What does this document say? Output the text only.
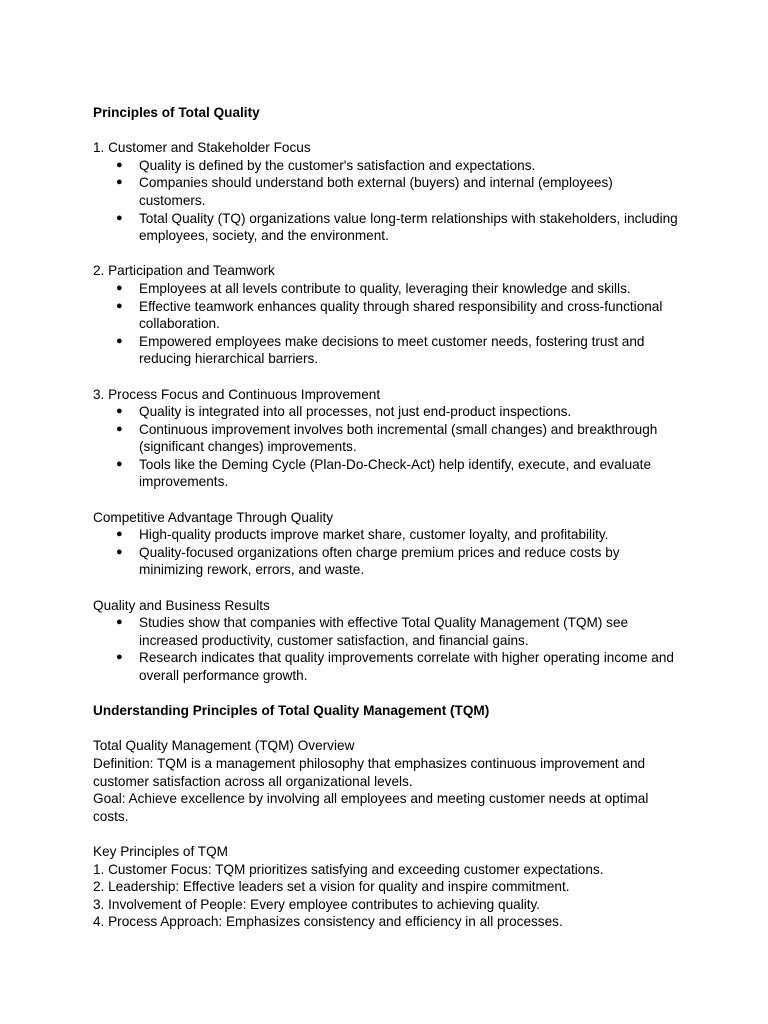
Principles of Total Quality
1. Customer and Stakeholder Focus
● Quality is defined by the customer's satisfaction and expectations.
● Companies should understand both external (buyers) and internal (employees) customers.
● Total Quality (TQ) organizations value long-term relationships with stakeholders, including employees, society, and the environment.
2. Participation and Teamwork
● Employees at all levels contribute to quality, leveraging their knowledge and skills.
● Effective teamwork enhances quality through shared responsibility and cross-functional collaboration.
● Empowered employees make decisions to meet customer needs, fostering trust and reducing hierarchical barriers.
3. Process Focus and Continuous Improvement
● Quality is integrated into all processes, not just end-product inspections.
● Continuous improvement involves both incremental (small changes) and breakthrough (significant changes) improvements.
● Tools like the Deming Cycle (Plan-Do-Check-Act) help identify, execute, and evaluate improvements.
Competitive Advantage Through Quality
● High-quality products improve market share, customer loyalty, and profitability.
● Quality-focused organizations often charge premium prices and reduce costs by minimizing rework, errors, and waste.
Quality and Business Results
● Studies show that companies with effective Total Quality Management (TQM) see increased productivity, customer satisfaction, and financial gains.
● Research indicates that quality improvements correlate with higher operating income and overall performance growth.
Understanding Principles of Total Quality Management (TQM)

Total Quality Management (TQM) Overview

Definition: TQM is a management philosophy that emphasizes continuous improvement and customer satisfaction across all organizational levels.

Goal: Achieve excellence by involving all employees and meeting customer needs at optimal costs.

Key Principles of TQM

1. Customer Focus: TQM prioritizes satisfying and exceeding customer expectations.

2. Leadership: Effective leaders set a vision for quality and inspire commitment.

3. Involvement of People: Every employee contributes to achieving quality.

4. Process Approach: Emphasizes consistency and efficiency in all processes.
